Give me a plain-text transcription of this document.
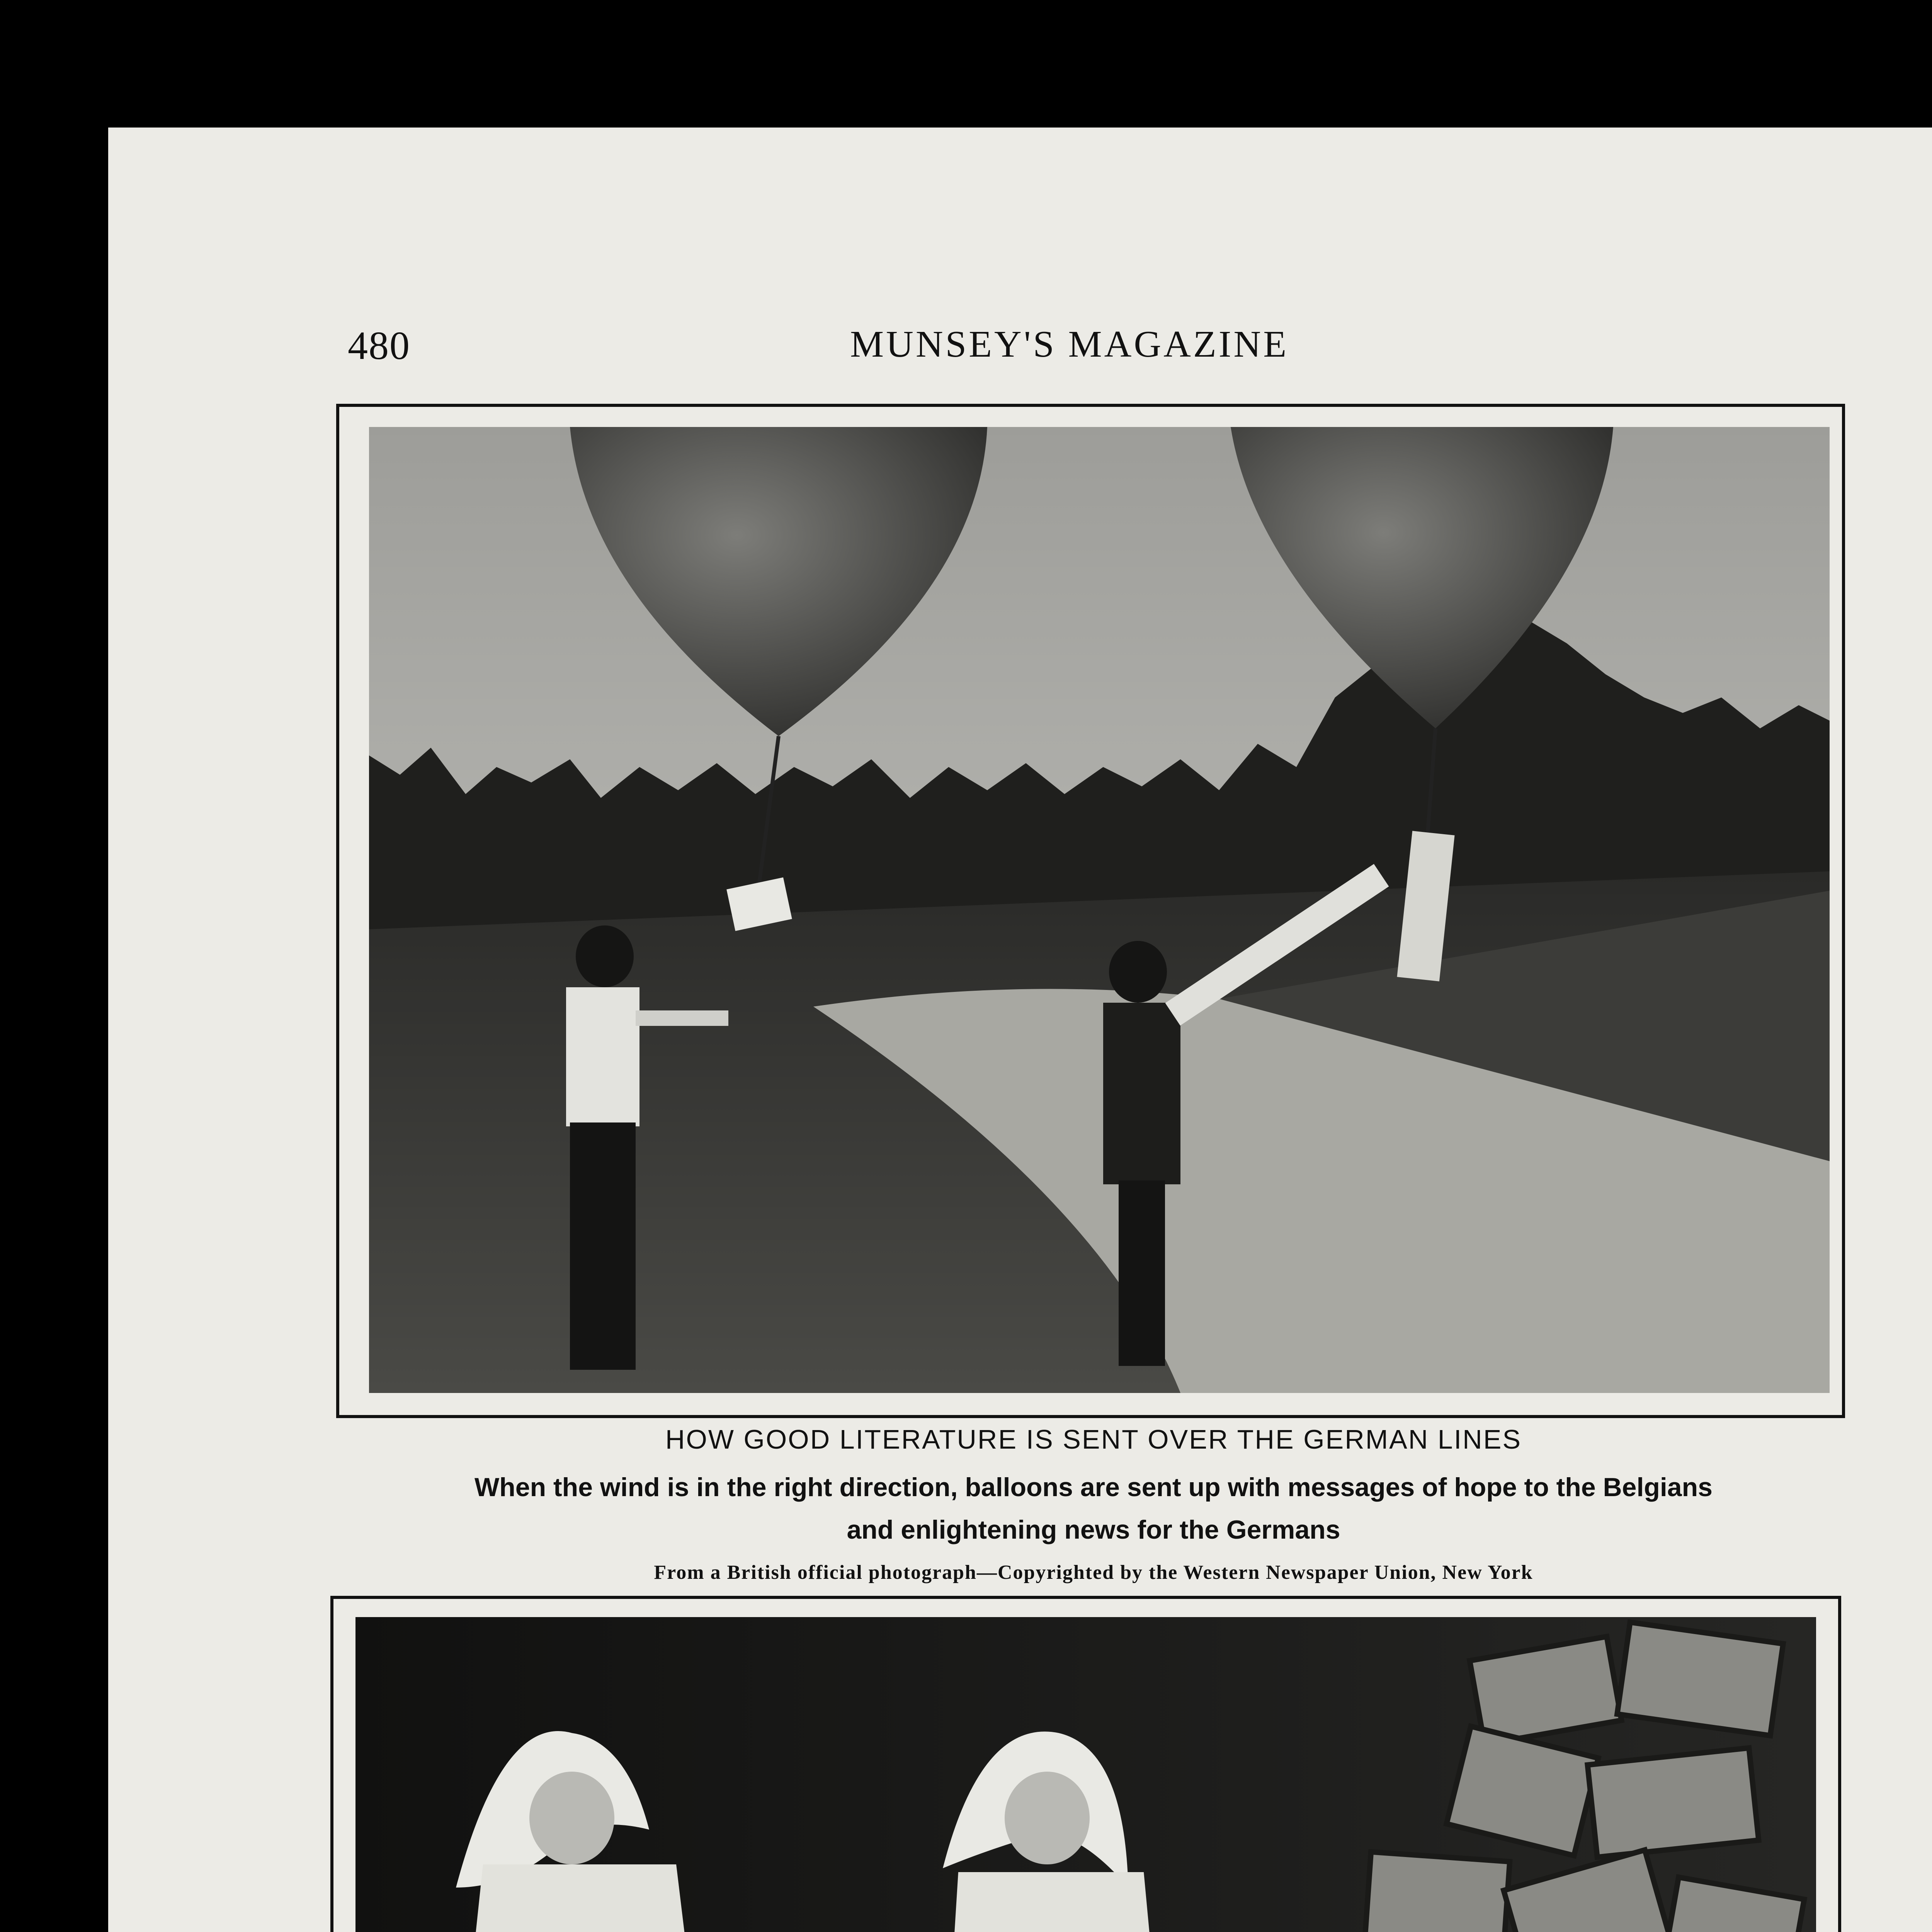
480	MUNSEY'S MAGAZINE
HOW GOOD LITERATURE IS SENT OVER THE GERMAN LINES
When the wind is in the right direction, balloons are sent up with messages of hope to the Belgians
and enlightening news for the Germans
From a British official photograph—Copyrighted by the Western Newspaper Union, New York
